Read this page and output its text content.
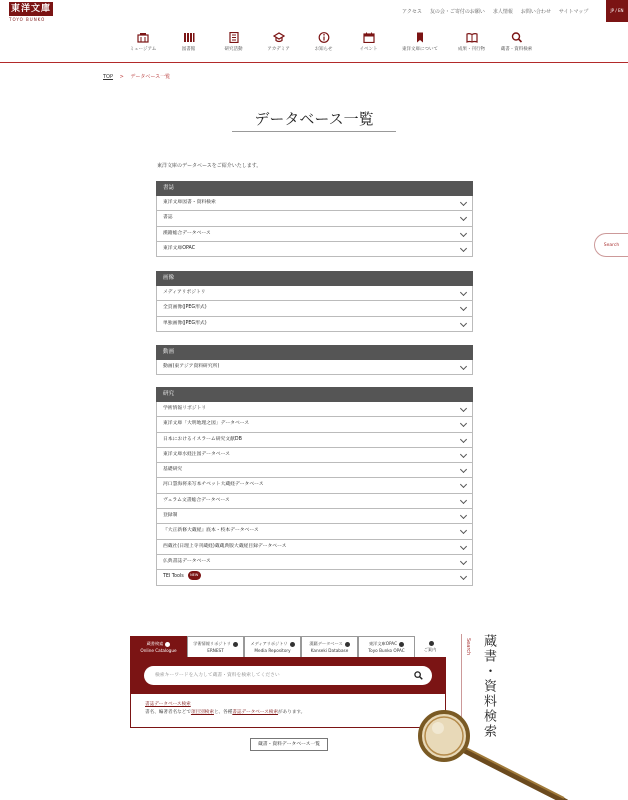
東洋文庫
TOYO BUNKO
アクセス 友の会・ご寄付のお願い 求人情報 お問い合わせ サイトマップ	JP / EN
ミュージアム	図書館	研究活動	アカデミア	お知らせ	イベント	東洋文庫について	成果・刊行物	蔵書・資料検索
TOP > データベース一覧
データベース一覧
東洋文庫のデータベースをご紹介いたします。
書誌
東洋文庫図書・資料検索
書誌
漢籍総合データベース
東洋文庫OPAC
画像
メディアリポジトリ
全頁画像(JPEG形式)
単独画像(JPEG形式)
動画
動画(東アジア資料研究所)
研究
学術情報リポジトリ
東洋文庫「大明地理之図」データベース
日本におけるイスラーム研究文献DB
東洋文庫水経注図データベース
基礎研究
河口慧海将来写本チベット大蔵経データベース
ヴェラム文書総合データベース
登録制
『大正新修大蔵経』底本・校本データベース
西蔵社(日理上寺刊蔵経)蔵蔵典版大蔵経目録データベース
仏典書誌データベース
TEI Tools NEW
Search
蔵書検索
Online Catalogue
学術情報リポジトリ
ERNEST
メディアリポジトリ
Media Repository
漢籍データベース
Kanseki Database
東洋文庫OPAC
Toyo Bunko OPAC	ご案内
検索キーワードを入力して蔵書・資料を検索してください
書誌データベース検索
書名、編著者名などで項目別検索と、各種書誌データベース検索があります。
Search 蔵書・資料検索
蔵書・資料データベース一覧
